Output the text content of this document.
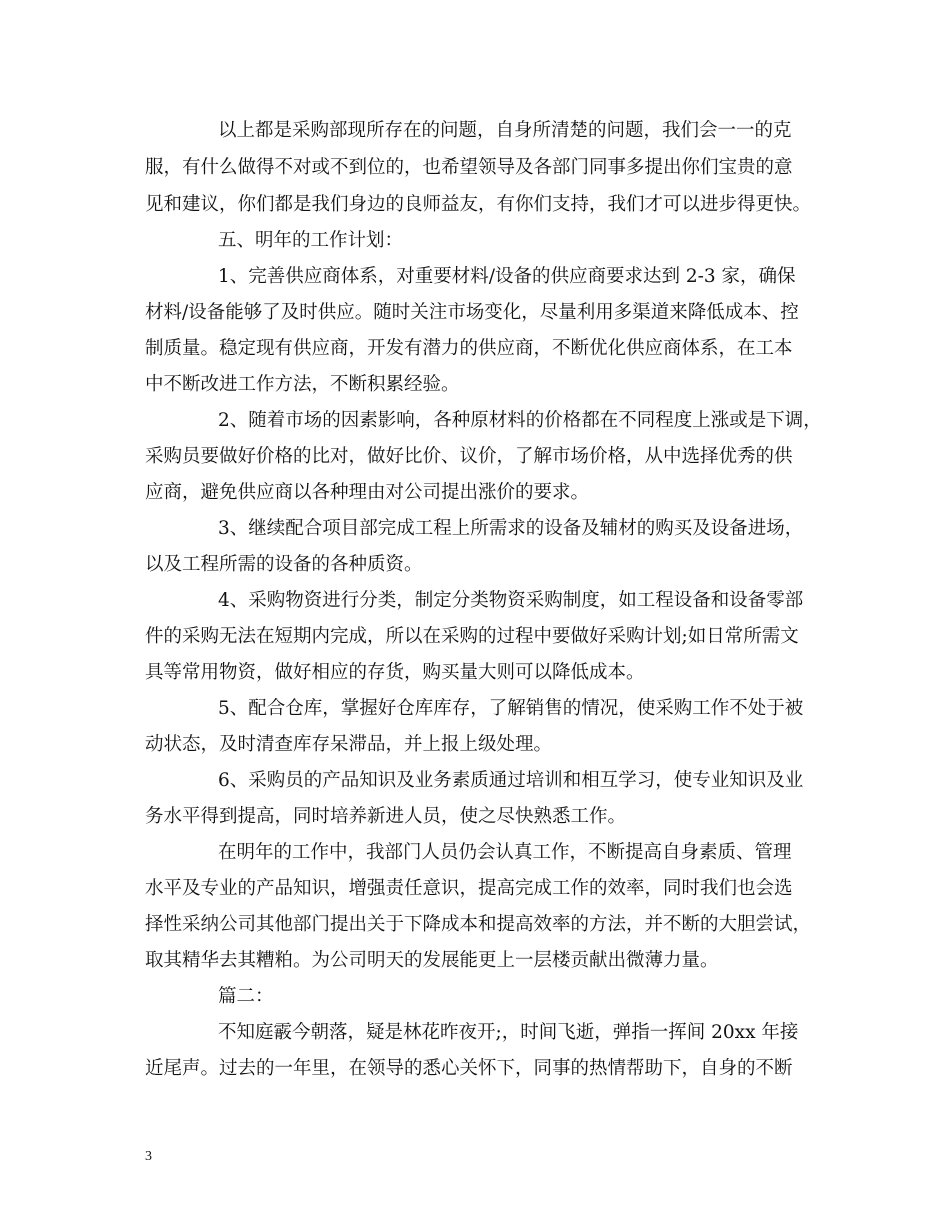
以上都是采购部现所存在的问题，自身所清楚的问题，我们会一一的克
服，有什么做得不对或不到位的，也希望领导及各部门同事多提出你们宝贵的意
见和建议，你们都是我们身边的良师益友，有你们支持，我们才可以进步得更快。
五、明年的工作计划：
1、完善供应商体系，对重要材料/设备的供应商要求达到 2-3 家，确保
材料/设备能够了及时供应。随时关注市场变化，尽量利用多渠道来降低成本、控
制质量。稳定现有供应商，开发有潜力的供应商，不断优化供应商体系，在工本
中不断改进工作方法，不断积累经验。
2、随着市场的因素影响，各种原材料的价格都在不同程度上涨或是下调，
采购员要做好价格的比对，做好比价、议价，了解市场价格，从中选择优秀的供
应商，避免供应商以各种理由对公司提出涨价的要求。
3、继续配合项目部完成工程上所需求的设备及辅材的购买及设备进场，
以及工程所需的设备的各种质资。
4、采购物资进行分类，制定分类物资采购制度，如工程设备和设备零部
件的采购无法在短期内完成，所以在采购的过程中要做好采购计划;如日常所需文
具等常用物资，做好相应的存货，购买量大则可以降低成本。
5、配合仓库，掌握好仓库库存，了解销售的情况，使采购工作不处于被
动状态，及时清查库存呆滞品，并上报上级处理。
6、采购员的产品知识及业务素质通过培训和相互学习，使专业知识及业
务水平得到提高，同时培养新进人员，使之尽快熟悉工作。
在明年的工作中，我部门人员仍会认真工作，不断提高自身素质、管理
水平及专业的产品知识，增强责任意识，提高完成工作的效率，同时我们也会选
择性采纳公司其他部门提出关于下降成本和提高效率的方法，并不断的大胆尝试，
取其精华去其糟粕。为公司明天的发展能更上一层楼贡献出微薄力量。
篇二：
不知庭霰今朝落，疑是林花昨夜开;，时间飞逝，弹指一挥间 20xx 年接
近尾声。过去的一年里，在领导的悉心关怀下，同事的热情帮助下，自身的不断
3
